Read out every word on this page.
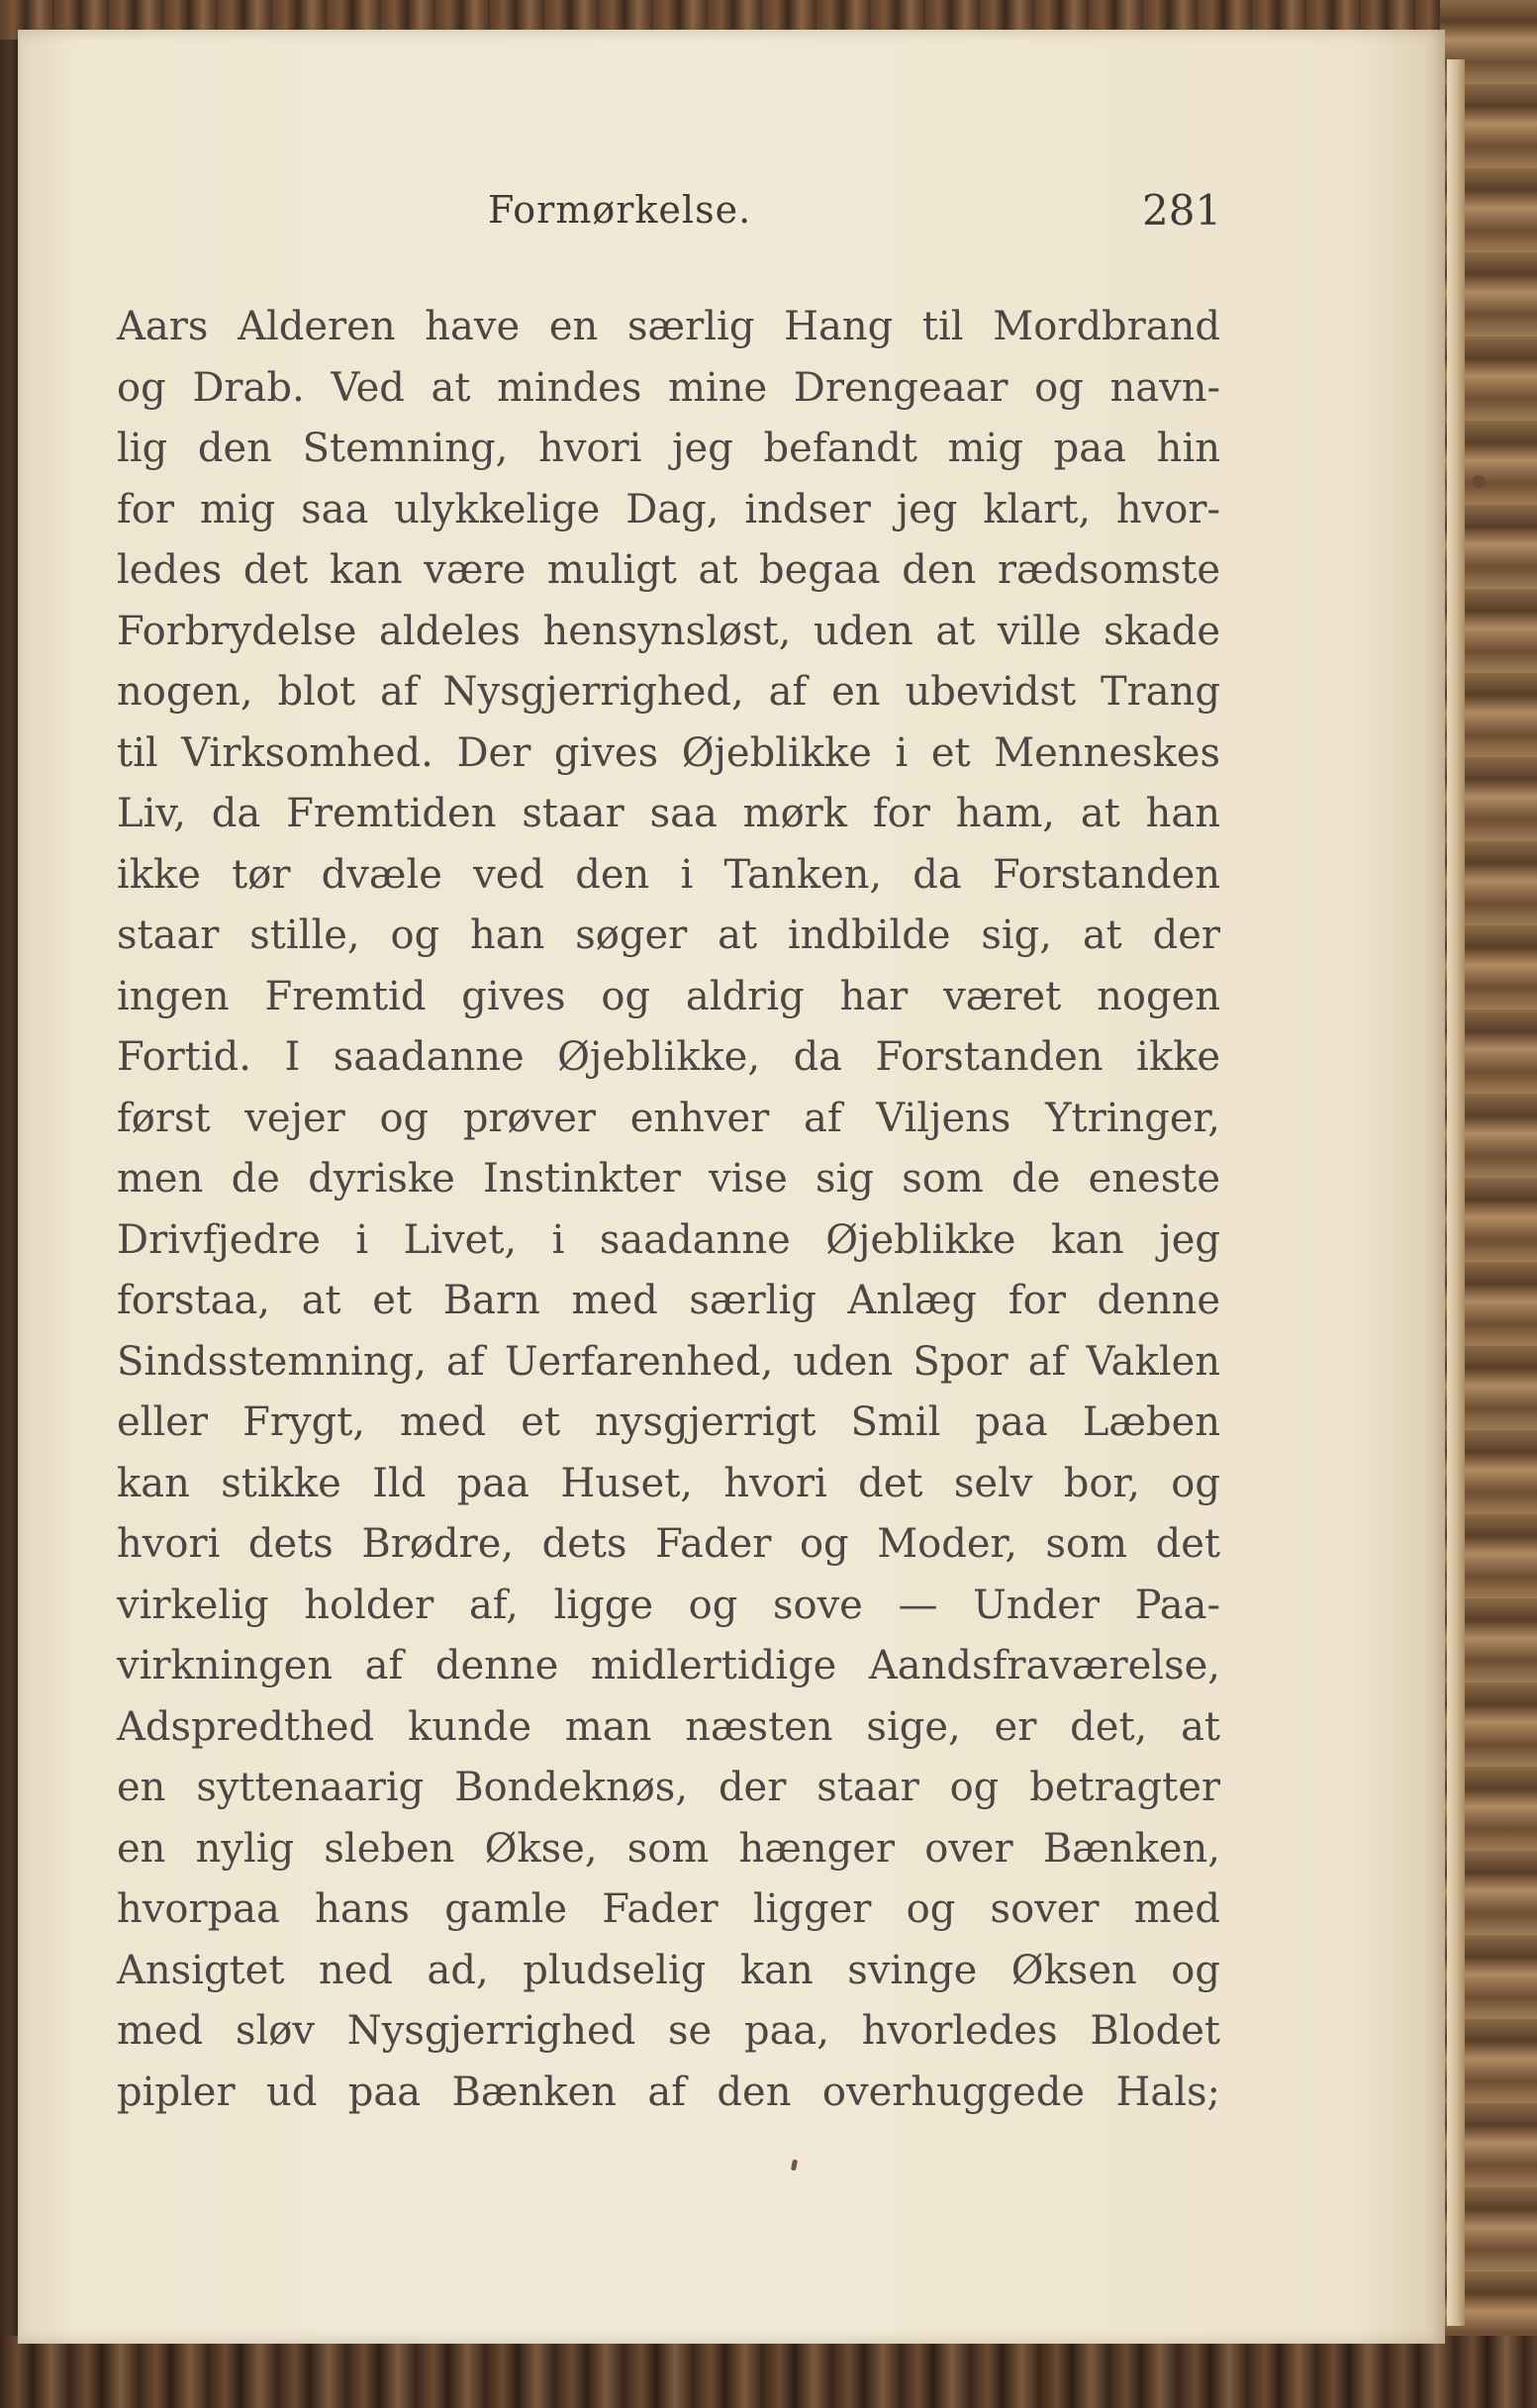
Formørkelse.	281
Aars Alderen have en særlig Hang til Mordbrand
og Drab. Ved at mindes mine Drengeaar og navn-
lig den Stemning, hvori jeg befandt mig paa hin
for mig saa ulykkelige Dag, indser jeg klart, hvor-
ledes det kan være muligt at begaa den rædsomste
Forbrydelse aldeles hensynsløst, uden at ville skade
nogen, blot af Nysgjerrighed, af en ubevidst Trang
til Virksomhed. Der gives Øjeblikke i et Menneskes
Liv, da Fremtiden staar saa mørk for ham, at han
ikke tør dvæle ved den i Tanken, da Forstanden
staar stille, og han søger at indbilde sig, at der
ingen Fremtid gives og aldrig har været nogen
Fortid. I saadanne Øjeblikke, da Forstanden ikke
først vejer og prøver enhver af Viljens Ytringer,
men de dyriske Instinkter vise sig som de eneste
Drivfjedre i Livet, i saadanne Øjeblikke kan jeg
forstaa, at et Barn med særlig Anlæg for denne
Sindsstemning, af Uerfarenhed, uden Spor af Vaklen
eller Frygt, med et nysgjerrigt Smil paa Læben
kan stikke Ild paa Huset, hvori det selv bor, og
hvori dets Brødre, dets Fader og Moder, som det
virkelig holder af, ligge og sove — Under Paa-
virkningen af denne midlertidige Aandsfraværelse,
Adspredthed kunde man næsten sige, er det, at
en syttenaarig Bondeknøs, der staar og betragter
en nylig sleben Økse, som hænger over Bænken,
hvorpaa hans gamle Fader ligger og sover med
Ansigtet ned ad, pludselig kan svinge Øksen og
med sløv Nysgjerrighed se paa, hvorledes Blodet
pipler ud paa Bænken af den overhuggede Hals;
